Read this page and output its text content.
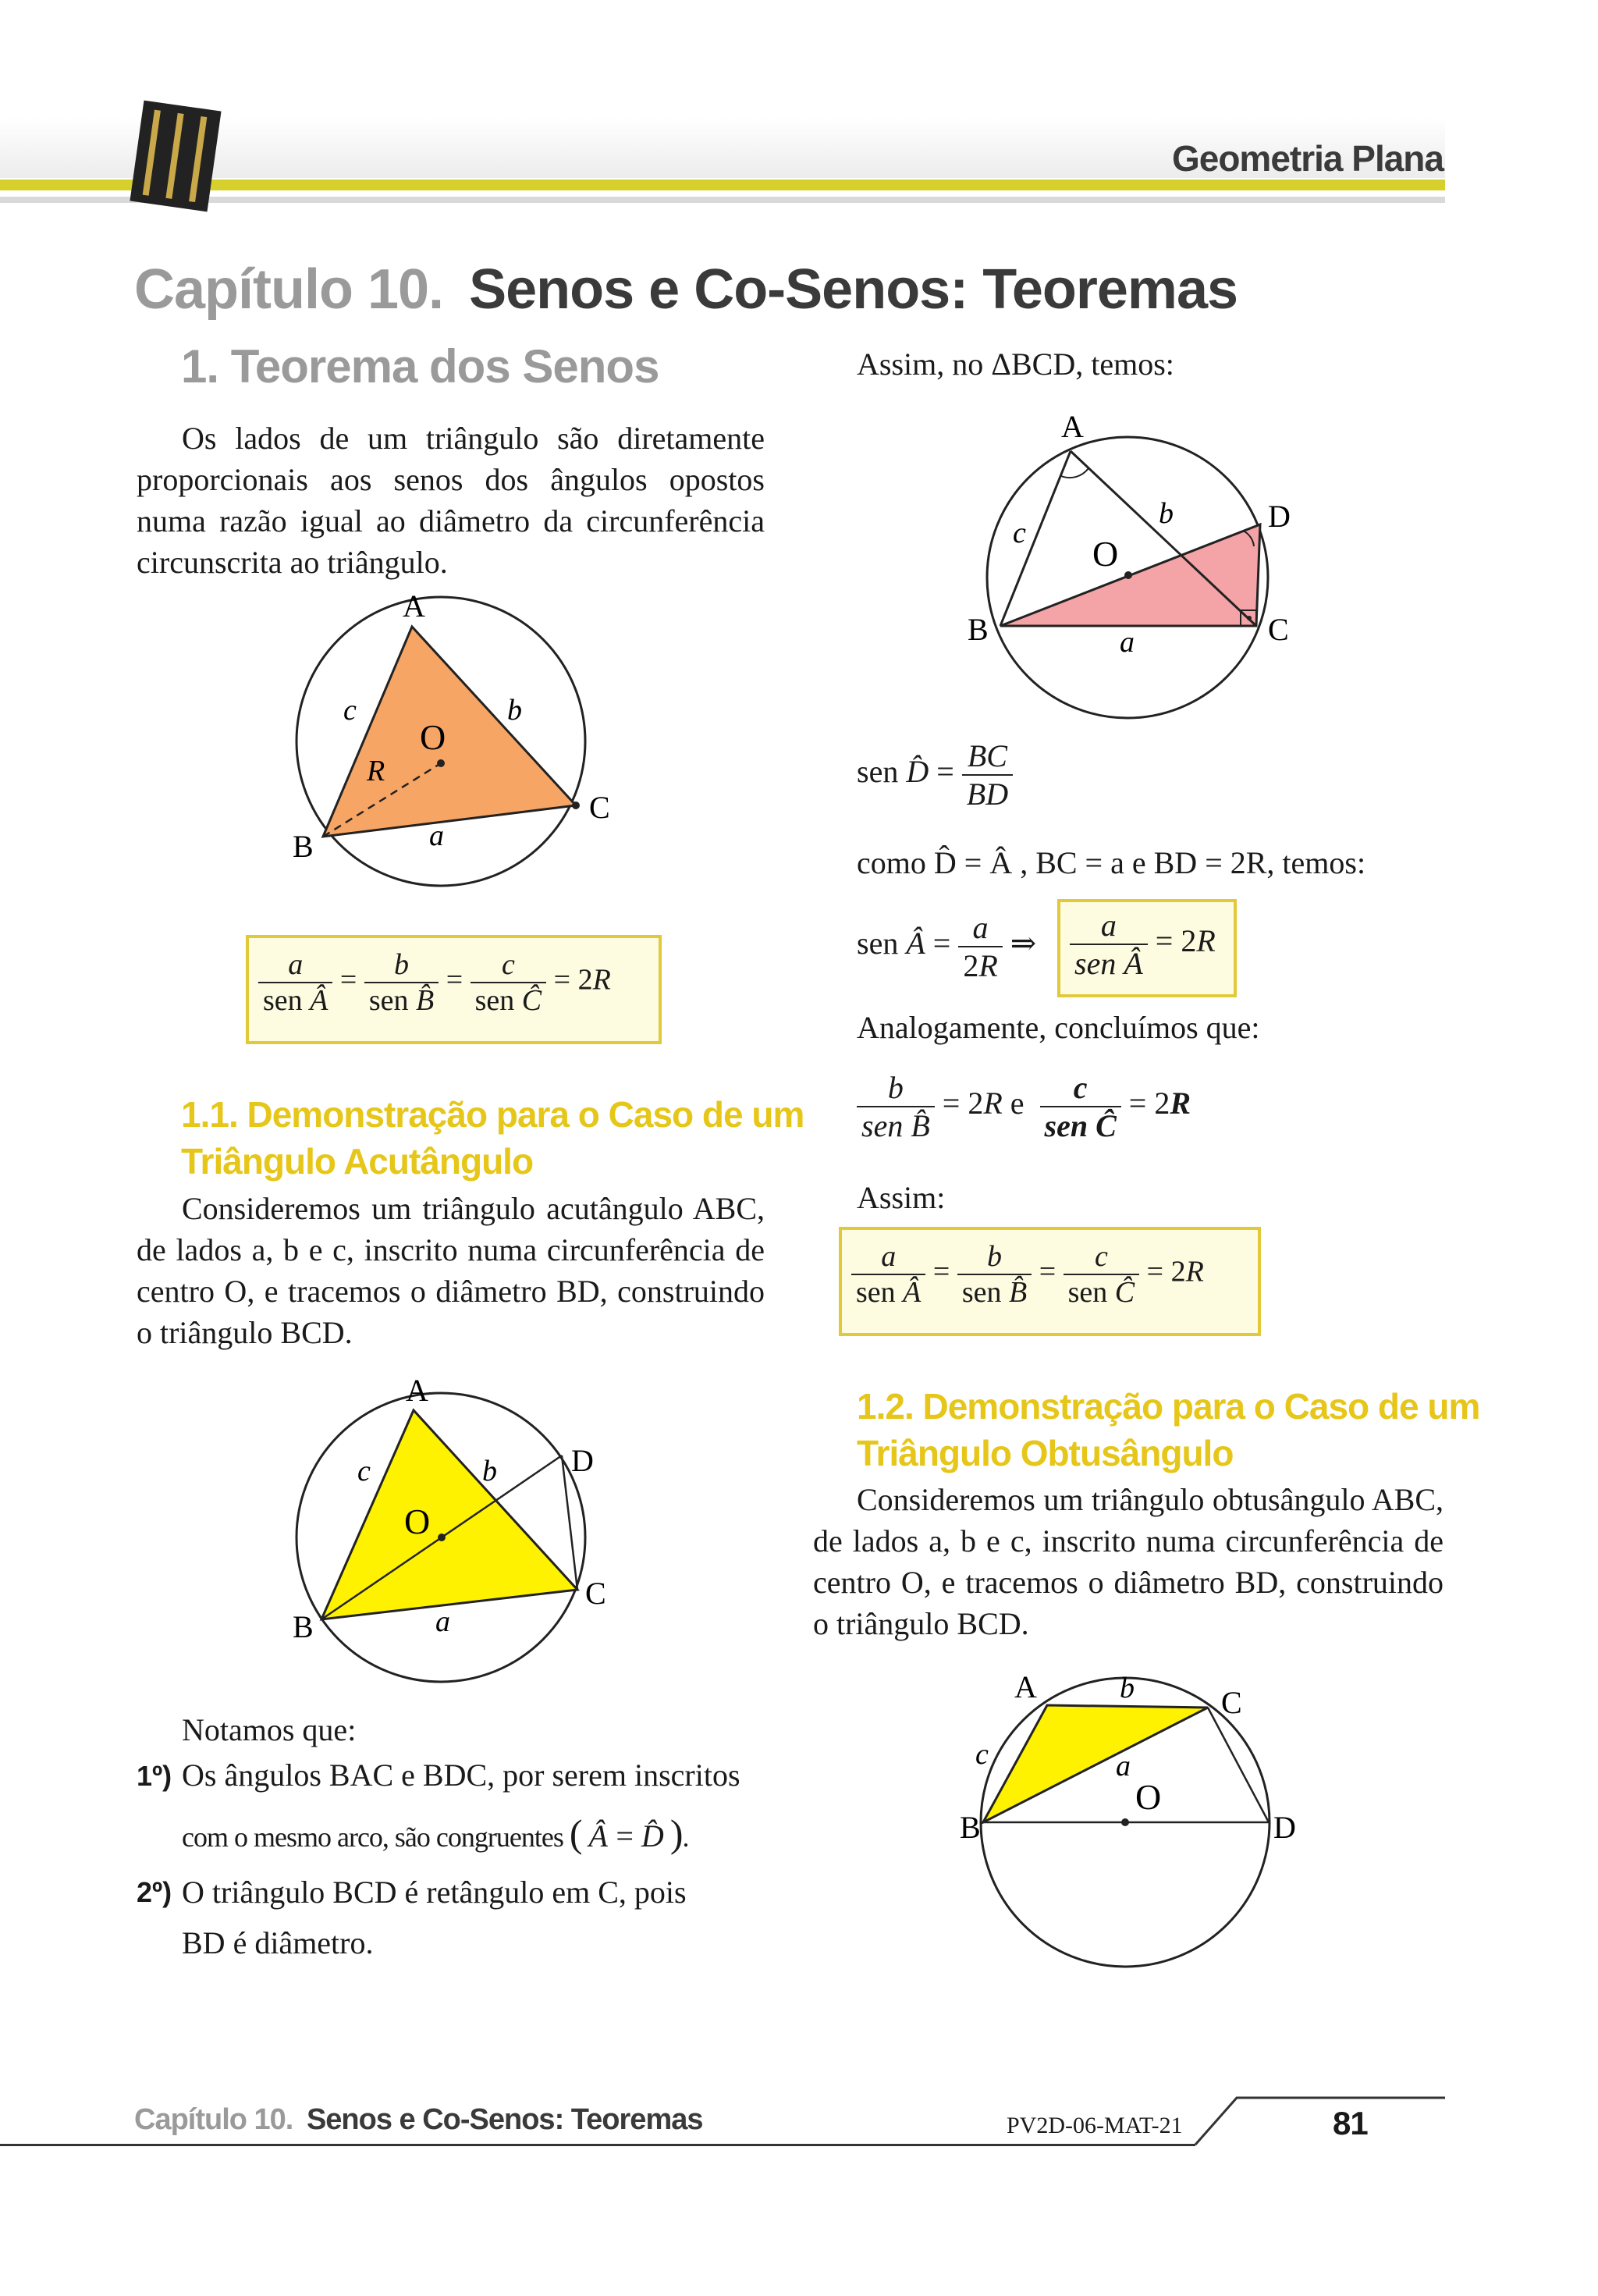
Geometria Plana
Capítulo 10. Senos e Co-Senos: Teoremas
1. Teorema dos Senos
Os lados de um triângulo são diretamente proporcionais aos senos dos ângulos opostos numa razão igual ao diâmetro da circunferência circunscrita ao triângulo.
A
B
C
O
R
c	b
a
$\frac{a}{\text{sen Â}} = \frac{b}{\text{sen B̂}} = \frac{c}{\text{sen Ĉ}} = 2R$
1.1. Demonstração para o Caso de um
Triângulo Acutângulo
Consideremos um triângulo acutângulo ABC, de lados a, b e c, inscrito numa circunferência de centro O, e tracemos o diâmetro BD, construindo o triângulo BCD.
A
B
C
D
O
c	b
a
Notamos que:
1º) Os ângulos BAC e BDC, por serem inscritos
com o mesmo arco, são congruentes ( Â = D̂ ).
2º) O triângulo BCD é retângulo em C, pois
BD é diâmetro.
Assim, no ΔBCD, temos:
A
B	C
D
O
c
b
a
sen D̂ = $\frac{BC}{BD}$
como D̂ = Â , BC = a e BD = 2R, temos:
sen Â = $\frac{a}{2R}$ ⇒ $\frac{a}{\text{sen Â}} = 2R$
Analogamente, concluímos que:
$\frac{b}{\text{sen B̂}} = 2R$ e $\frac{c}{\text{sen Ĉ}} = 2R$
Assim:
$\frac{a}{\text{sen Â}} = \frac{b}{\text{sen B̂}} = \frac{c}{\text{sen Ĉ}} = 2R$
1.2. Demonstração para o Caso de um
Triângulo Obtusângulo
Consideremos um triângulo obtusângulo ABC, de lados a, b e c, inscrito numa circunferência de centro O, e tracemos o diâmetro BD, construindo o triângulo BCD.
A
B
C
D
O
c
b
a
Capítulo 10. Senos e Co-Senos: Teoremas	PV2D-06-MAT-21	81
